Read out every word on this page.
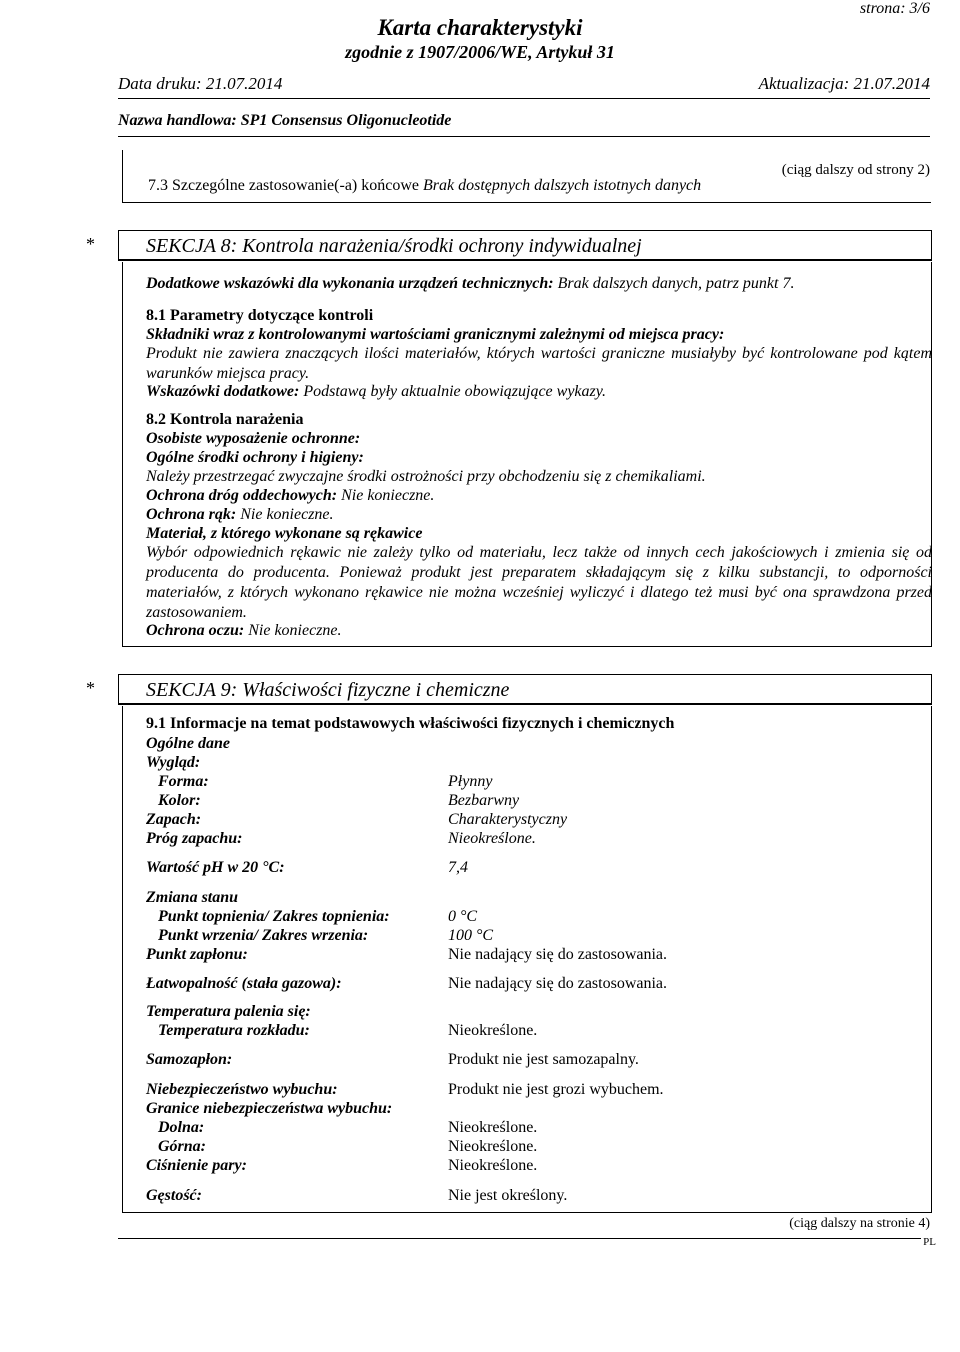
strona: 3/6
Karta charakterystyki
zgodnie z 1907/2006/WE, Artykuł 31
Data druku: 21.07.2014	Aktualizacja: 21.07.2014
Nazwa handlowa: SP1 Consensus Oligonucleotide
(ciąg dalszy od strony 2)
7.3 Szczególne zastosowanie(-a) końcowe Brak dostępnych dalszych istotnych danych
*	SEKCJA 8: Kontrola narażenia/środki ochrony indywidualnej
Dodatkowe wskazówki dla wykonania urządzeń technicznych: Brak dalszych danych, patrz punkt 7.
8.1 Parametry dotyczące kontroli
Składniki wraz z kontrolowanymi wartościami granicznymi zależnymi od miejsca pracy:
Produkt nie zawiera znaczących ilości materiałów, których wartości graniczne musiałyby być kontrolowane pod kątem warunków miejsca pracy.
Wskazówki dodatkowe: Podstawą były aktualnie obowiązujące wykazy.
8.2 Kontrola narażenia
Osobiste wyposażenie ochronne:
Ogólne środki ochrony i higieny:
Należy przestrzegać zwyczajne środki ostrożności przy obchodzeniu się z chemikaliami.
Ochrona dróg oddechowych: Nie konieczne.
Ochrona rąk: Nie konieczne.
Materiał, z którego wykonane są rękawice
Wybór odpowiednich rękawic nie zależy tylko od materiału, lecz także od innych cech jakościowych i zmienia się od producenta do producenta. Ponieważ produkt jest preparatem składającym się z kilku substancji, to odporności materiałów, z których wykonano rękawice nie można wcześniej wyliczyć i dlatego też musi być ona sprawdzona przed zastosowaniem.
Ochrona oczu: Nie konieczne.
*	SEKCJA 9: Właściwości fizyczne i chemiczne
9.1 Informacje na temat podstawowych właściwości fizycznych i chemicznych
Ogólne dane
Wygląd:
Forma:	Płynny
Kolor:	Bezbarwny
Zapach:	Charakterystyczny
Próg zapachu:	Nieokreślone.
Wartość pH w 20 °C:	7,4
Zmiana stanu
Punkt topnienia/ Zakres topnienia:	0 °C
Punkt wrzenia/ Zakres wrzenia:	100 °C
Punkt zapłonu:	Nie nadający się do zastosowania.
Łatwopalność (stała gazowa):	Nie nadający się do zastosowania.
Temperatura palenia się:
Temperatura rozkładu:	Nieokreślone.
Samozapłon:	Produkt nie jest samozapalny.
Niebezpieczeństwo wybuchu:	Produkt nie jest grozi wybuchem.
Granice niebezpieczeństwa wybuchu:
Dolna:	Nieokreślone.
Górna:	Nieokreślone.
Ciśnienie pary:	Nieokreślone.
Gęstość:	Nie jest określony.
(ciąg dalszy na stronie 4)
PL
